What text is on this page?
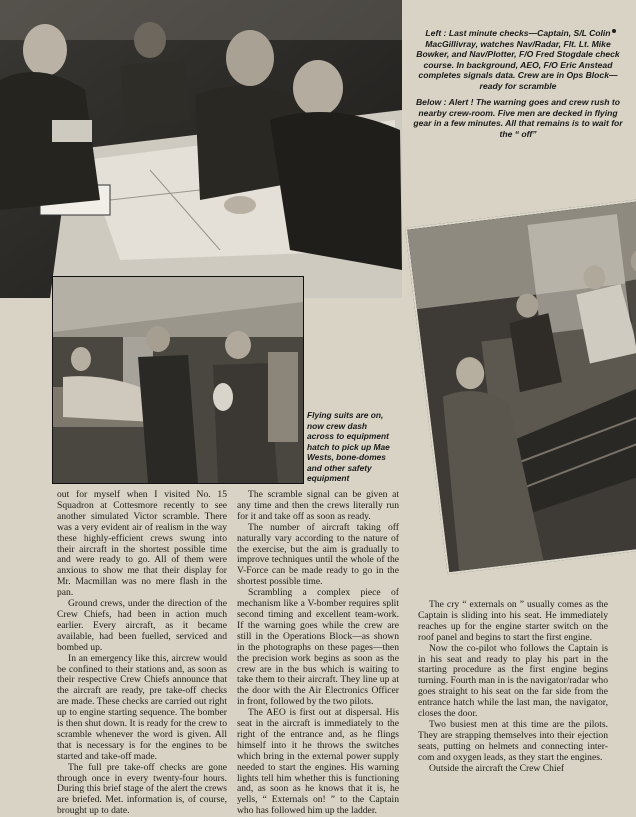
Left : Last minute checks—Captain, S/L Colin MacGillivray, watches Nav/Radar, Flt. Lt. Mike Bowker, and Nav/Plotter, F/O Fred Stogdale check course. In background, AEO, F/O Eric Anstead completes signals data. Crew are in Ops Block—ready for scramble
Below : Alert ! The warning goes and crew rush to nearby crew-room. Five men are decked in flying gear in a few minutes. All that remains is to wait for the “ off”
Flying suits are on, now crew dash across to equipment hatch to pick up Mae Wests, bone-domes and other safety equipment

out for myself when I visited No. 15 Squadron at Cottesmore recently to see another simulated Victor scramble. There was a very evident air of realism in the way these highly-efficient crews swung into their aircraft in the shortest possible time and were ready to go. All of them were anxious to show me that their display for Mr. Macmillan was no mere flash in the pan.

Ground crews, under the direction of the Crew Chiefs, had been in action much earlier. Every aircraft, as it became available, had been fuelled, serviced and bombed up.

In an emergency like this, aircrew would be confined to their stations and, as soon as their respective Crew Chiefs announce that the aircraft are ready, pre take-off checks are made. These checks are carried out right up to engine starting sequence. The bomber is then shut down. It is ready for the crew to scramble whenever the word is given. All that is necessary is for the engines to be started and take-off made.

The full pre take-off checks are gone through once in every twenty-four hours. During this brief stage of the alert the crews are briefed. Met. information is, of course, brought up to date.

The scramble signal can be given at any time and then the crews literally run for it and take off as soon as ready.

The number of aircraft taking off naturally vary according to the nature of the exercise, but the aim is gradually to improve techniques until the whole of the V-Force can be made ready to go in the shortest possible time.

Scrambling a complex piece of mechanism like a V-bomber requires split second timing and excellent team-work. If the warning goes while the crew are still in the Operations Block—as shown in the photographs on these pages—then the precision work begins as soon as the crew are in the bus which is waiting to take them to their aircraft. They line up at the door with the Air Electronics Officer in front, followed by the two pilots.

The AEO is first out at dispersal. His seat in the aircraft is immediately to the right of the entrance and, as he flings himself into it he throws the switches which bring in the external power supply needed to start the engines. His warning lights tell him whether this is functioning and, as soon as he knows that it is, he yells, “ Externals on! ” to the Captain who has followed him up the ladder.

The cry “ externals on ” usually comes as the Captain is sliding into his seat. He immediately reaches up for the engine starter switch on the roof panel and begins to start the first engine.

Now the co-pilot who follows the Captain is in his seat and ready to play his part in the starting procedure as the first engine begins turning. Fourth man in is the navigator/radar who goes straight to his seat on the far side from the entrance hatch while the last man, the navigator, closes the door.

Two busiest men at this time are the pilots. They are strapping themselves into their ejection seats, putting on helmets and connecting inter-com and oxygen leads, as they start the engines.

Outside the aircraft the Crew Chief
